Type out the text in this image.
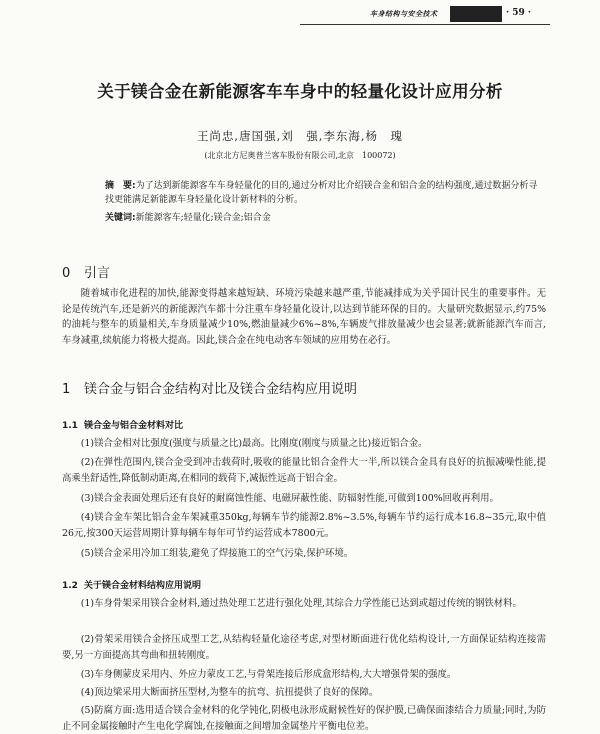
车身结构与安全技术	· 59 ·
关于镁合金在新能源客车车身中的轻量化设计应用分析
王尚忠,唐国强,刘　强,李东海,杨　瑰
(北京北方尼奥普兰客车股份有限公司,北京　100072)
摘　要:为了达到新能源客车车身轻量化的目的,通过分析对比介绍镁合金和铝合金的结构强度,通过数据分析寻找更能满足新能源车身轻量化设计新材料的分析。
关键词:新能源客车;轻量化;镁合金;铝合金
0 引言
随着城市化进程的加快,能源变得越来越短缺、环境污染越来越严重,节能减排成为关乎国计民生的重要事件。无论是传统汽车,还是新兴的新能源汽车都十分注重车身轻量化设计,以达到节能环保的目的。大量研究数据显示,约75%的油耗与整车的质量相关,车身质量减少10%,燃油量减少6%~8%,车辆废气排放量减少也会显著;就新能源汽车而言,车身减重,续航能力将极大提高。因此,镁合金在纯电动客车领域的应用势在必行。
1 镁合金与铝合金结构对比及镁合金结构应用说明
1.1 镁合金与铝合金材料对比
(1)镁合金相对比强度(强度与质量之比)最高。比刚度(刚度与质量之比)接近铝合金。
(2)在弹性范围内,镁合金受到冲击载荷时,吸收的能量比铝合金件大一半,所以镁合金具有良好的抗振减噪性能,提高乘坐舒适性,降低制动距离,在相同的载荷下,减振性远高于铝合金。
(3)镁合金表面处理后还有良好的耐腐蚀性能、电磁屏蔽性能、防辐射性能,可做到100%回收再利用。
(4)镁合金车架比铝合金车架减重350kg,每辆车节约能源2.8%~3.5%,每辆车节约运行成本16.8~35元,取中值26元,按300天运营周期计算每辆车每年可节约运营成本7800元。
(5)镁合金采用冷加工组装,避免了焊接施工的空气污染,保护环境。
1.2 关于镁合金材料结构应用说明
(1)车身骨架采用镁合金材料,通过热处理工艺进行强化处理,其综合力学性能已达到或超过传统的钢铁材料。
(2)骨架采用镁合金挤压成型工艺,从结构轻量化途径考虑,对型材断面进行优化结构设计,一方面保证结构连接需要,另一方面提高其弯曲和扭转刚度。
(3)车身侧蒙皮采用内、外应力蒙皮工艺,与骨架连接后形成盒形结构,大大增强骨架的强度。
(4)顶边梁采用大断面挤压型材,为整车的抗弯、抗扭提供了良好的保障。
(5)防腐方面:选用适合镁合金材料的化学钝化,阴极电泳形成耐候性好的保护膜,已确保面漆结合力质量;同时,为防止不同金属接触时产生电化学腐蚀,在接触面之间增加金属垫片平衡电位差。
